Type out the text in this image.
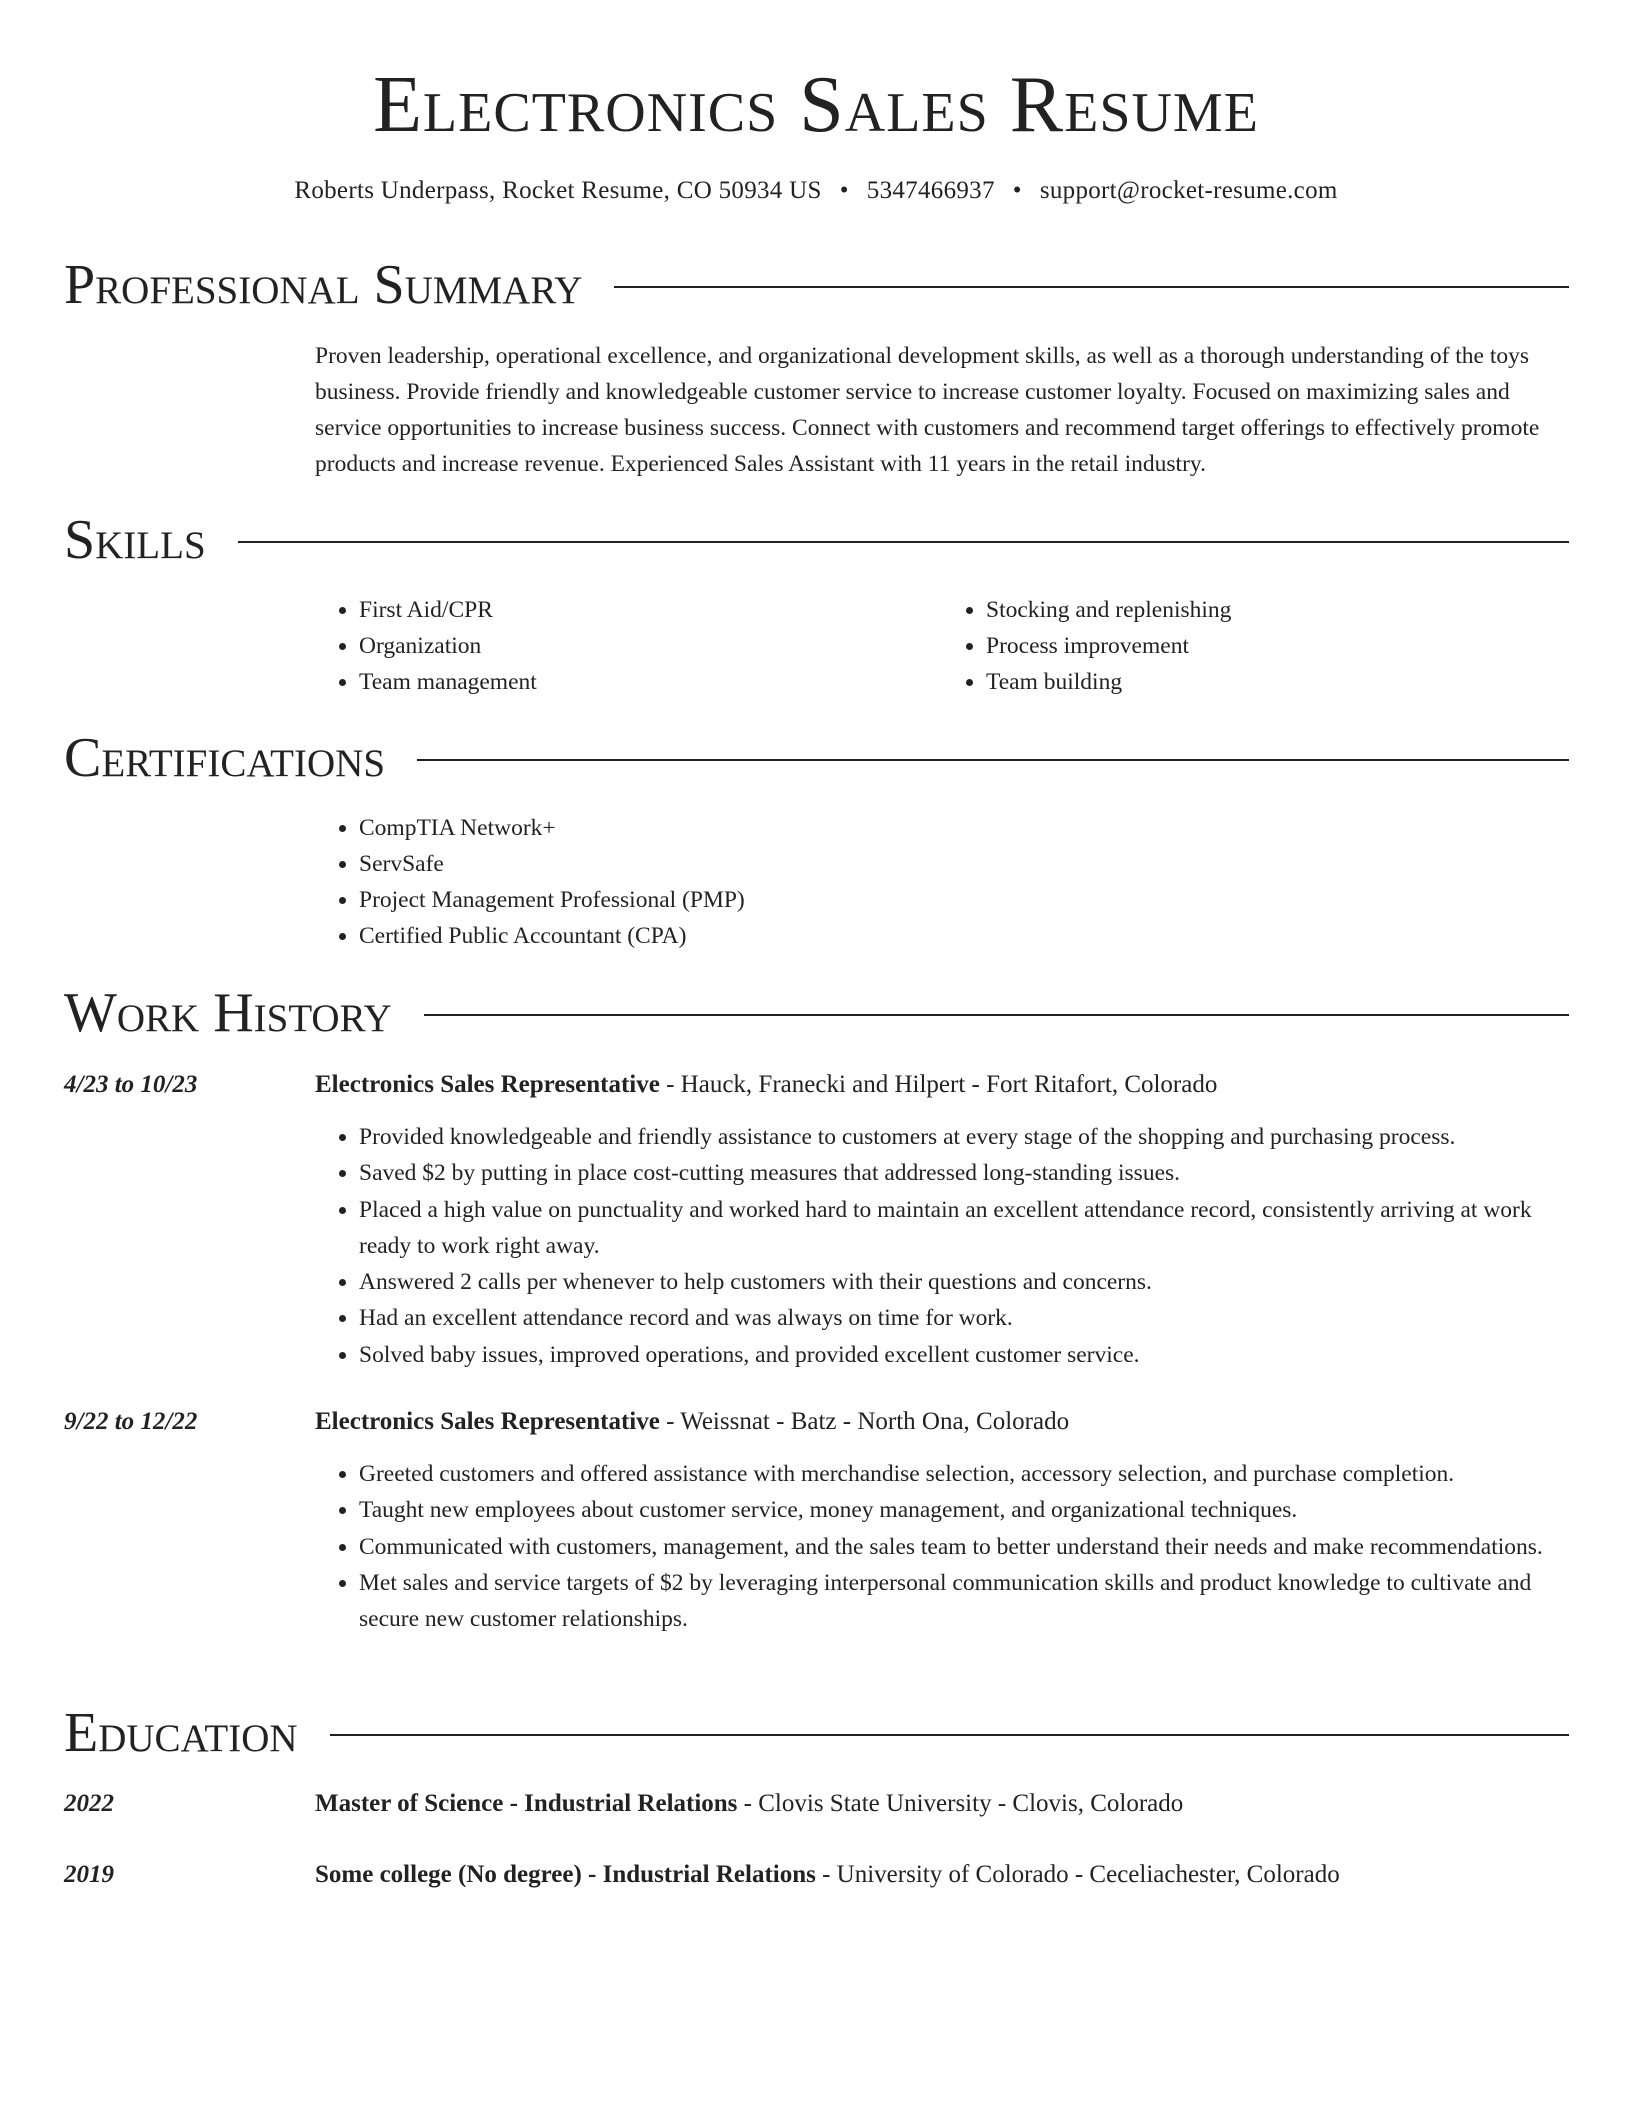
Electronics Sales Resume
Roberts Underpass, Rocket Resume, CO 50934 US • 5347466937 • support@rocket-resume.com
Professional Summary

Proven leadership, operational excellence, and organizational development skills, as well as a thorough understanding of the toys business. Provide friendly and knowledgeable customer service to increase customer loyalty. Focused on maximizing sales and service opportunities to increase business success. Connect with customers and recommend target offerings to effectively promote products and increase revenue. Experienced Sales Assistant with 11 years in the retail industry.

Skills
• First Aid/CPR
• Organization
• Team management
• Stocking and replenishing
• Process improvement
• Team building
Certifications
• CompTIA Network+
• ServSafe
• Project Management Professional (PMP)
• Certified Public Accountant (CPA)
Work History
4/23 to 10/23	Electronics Sales Representative - Hauck, Franecki and Hilpert - Fort Ritafort, Colorado
• Provided knowledgeable and friendly assistance to customers at every stage of the shopping and purchasing process.
• Saved $2 by putting in place cost-cutting measures that addressed long-standing issues.
• Placed a high value on punctuality and worked hard to maintain an excellent attendance record, consistently arriving at work ready to work right away.
• Answered 2 calls per whenever to help customers with their questions and concerns.
• Had an excellent attendance record and was always on time for work.
• Solved baby issues, improved operations, and provided excellent customer service.
9/22 to 12/22	Electronics Sales Representative - Weissnat - Batz - North Ona, Colorado
• Greeted customers and offered assistance with merchandise selection, accessory selection, and purchase completion.
• Taught new employees about customer service, money management, and organizational techniques.
• Communicated with customers, management, and the sales team to better understand their needs and make recommendations.
• Met sales and service targets of $2 by leveraging interpersonal communication skills and product knowledge to cultivate and secure new customer relationships.
Education
2022	Master of Science - Industrial Relations - Clovis State University - Clovis, Colorado
2019	Some college (No degree) - Industrial Relations - University of Colorado - Ceceliachester, Colorado
